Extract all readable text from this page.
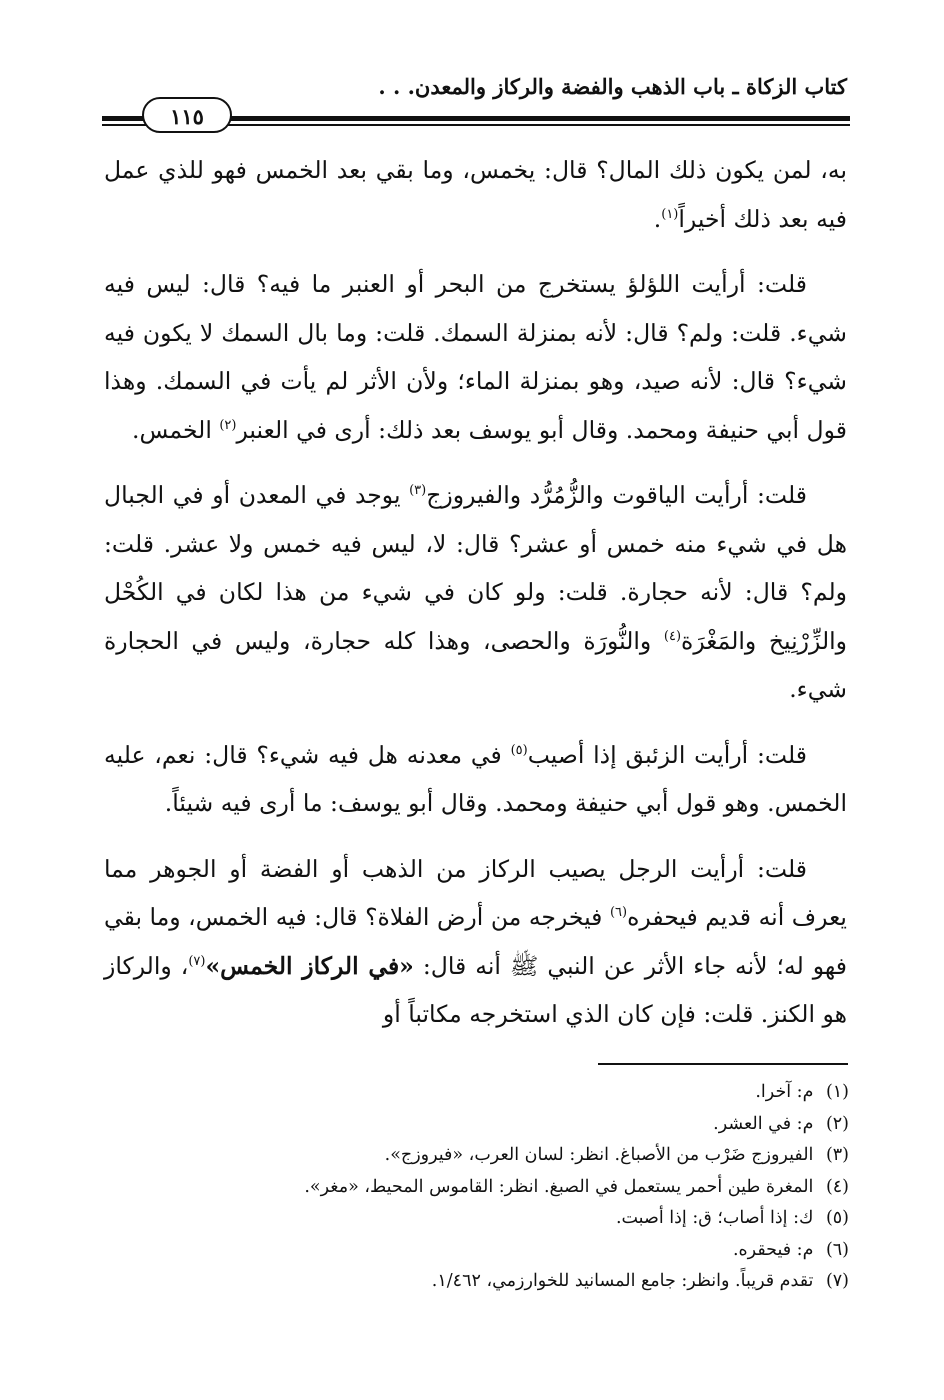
كتاب الزكاة ـ باب الذهب والفضة والركاز والمعدن. . .
١١٥

به، لمن يكون ذلك المال؟ قال: يخمس، وما بقي بعد الخمس فهو للذي عمل فيه بعد ذلك أخيراً$^{(١)}$.

قلت: أرأيت اللؤلؤ يستخرج من البحر أو العنبر ما فيه؟ قال: ليس فيه شيء. قلت: ولم؟ قال: لأنه بمنزلة السمك. قلت: وما بال السمك لا يكون فيه شيء؟ قال: لأنه صيد، وهو بمنزلة الماء؛ ولأن الأثر لم يأت في السمك. وهذا قول أبي حنيفة ومحمد. وقال أبو يوسف بعد ذلك: أرى في العنبر$^{(٢)}$ الخمس.

قلت: أرأيت الياقوت والزُّمُرُّد والفيروزج$^{(٣)}$ يوجد في المعدن أو في الجبال هل في شيء منه خمس أو عشر؟ قال: لا، ليس فيه خمس ولا عشر. قلت: ولم؟ قال: لأنه حجارة. قلت: ولو كان في شيء من هذا لكان في الكُحْل والزِّرْنِيخ والمَغْرَة$^{(٤)}$ والنُّورَة والحصى، وهذا كله حجارة، وليس في الحجارة شيء.

قلت: أرأيت الزئبق إذا أصيب$^{(٥)}$ في معدنه هل فيه شيء؟ قال: نعم، عليه الخمس. وهو قول أبي حنيفة ومحمد. وقال أبو يوسف: ما أرى فيه شيئاً.

قلت: أرأيت الرجل يصيب الركاز من الذهب أو الفضة أو الجوهر مما يعرف أنه قديم فيحفره$^{(٦)}$ فيخرجه من أرض الفلاة؟ قال: فيه الخمس، وما بقي فهو له؛ لأنه جاء الأثر عن النبي ﷺ أنه قال: «في الركاز الخمس»$^{(٧)}$، والركاز هو الكنز. قلت: فإن كان الذي استخرجه مكاتباً أو

(١) م: آخرا.
(٢) م: في العشر.
(٣) الفيروزج ضَرْب من الأصباغ. انظر: لسان العرب، «فيروزج».
(٤) المغرة طين أحمر يستعمل في الصبغ. انظر: القاموس المحيط، «مغر».
(٥) ك: إذا أصاب؛ ق: إذا أصبت.
(٦) م: فيحقره.
(٧) تقدم قريباً. وانظر: جامع المسانيد للخوارزمي، ١/٤٦٢.
